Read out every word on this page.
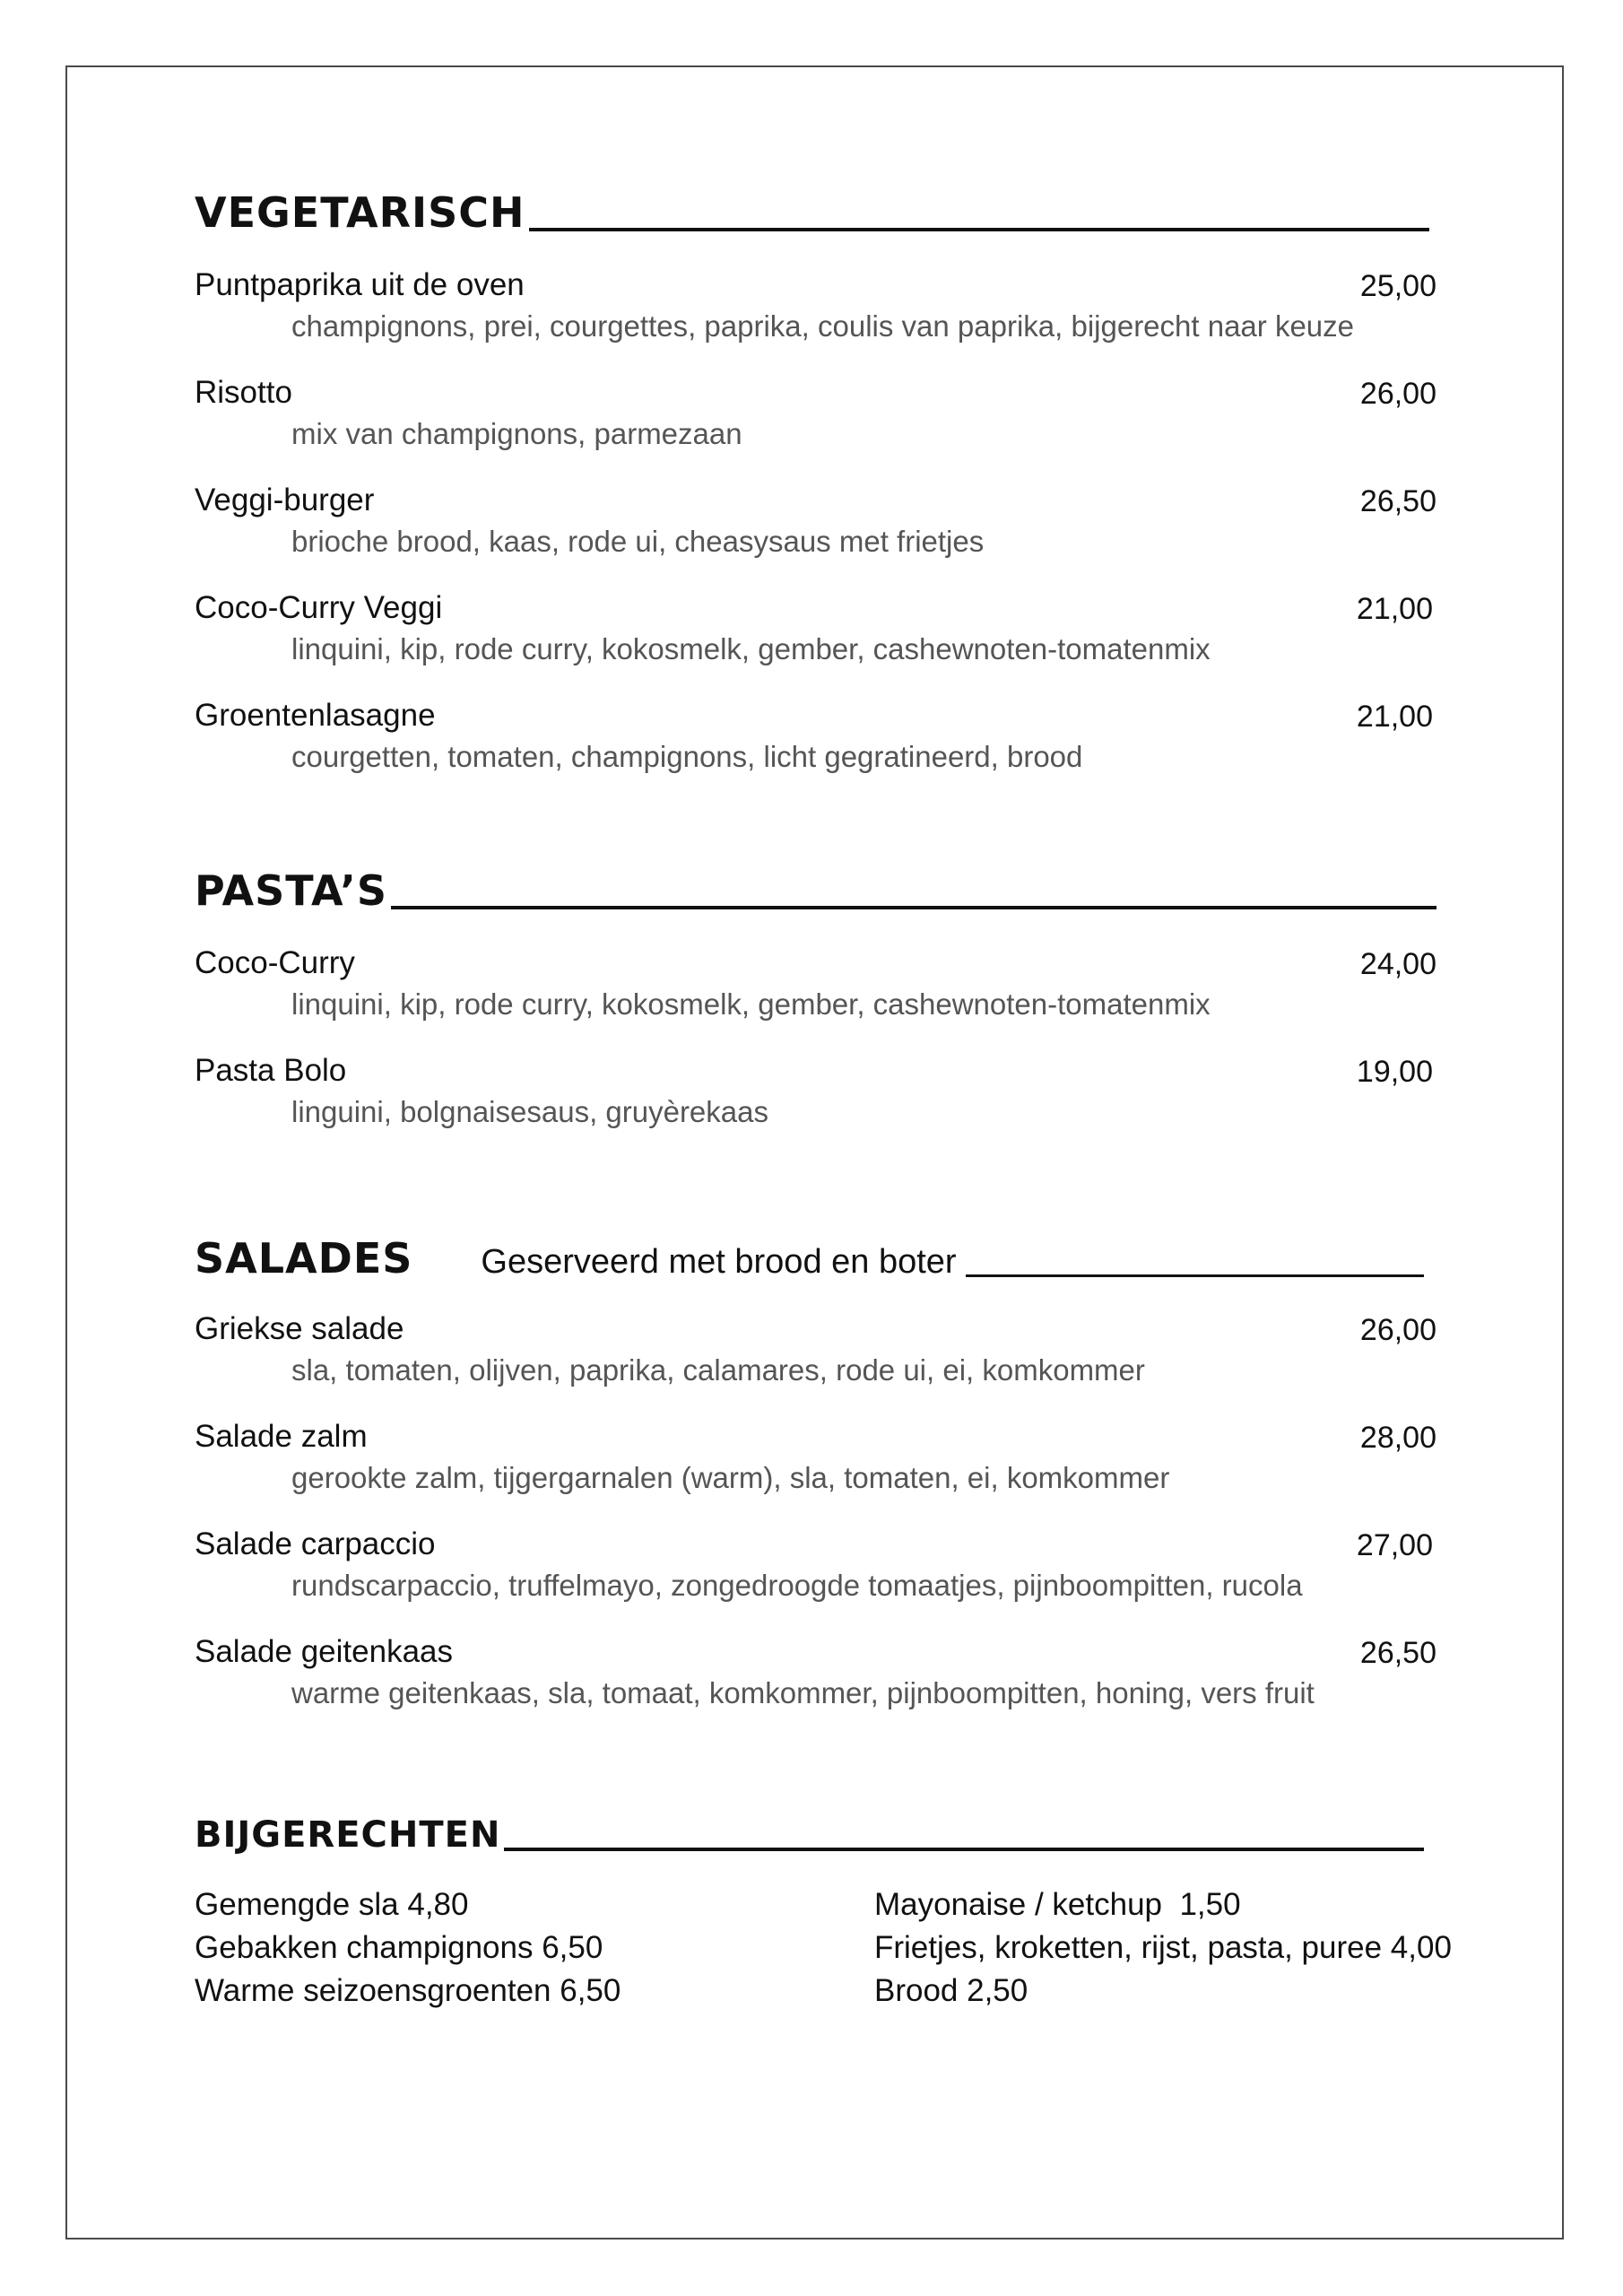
VEGETARISCH
Puntpaprika uit de oven	25,00
champignons, prei, courgettes, paprika, coulis van paprika, bijgerecht naar keuze
Risotto	26,00
mix van champignons, parmezaan
Veggi-burger	26,50
brioche brood, kaas, rode ui, cheasysaus met frietjes
Coco-Curry Veggi	21,00
linquini, kip, rode curry, kokosmelk, gember, cashewnoten-tomatenmix
Groentenlasagne	21,00
courgetten, tomaten, champignons, licht gegratineerd, brood
PASTA’S
Coco-Curry	24,00
linquini, kip, rode curry, kokosmelk, gember, cashewnoten-tomatenmix
Pasta Bolo	19,00
linguini, bolgnaisesaus, gruyèrekaas
SALADES Geserveerd met brood en boter
Griekse salade	26,00
sla, tomaten, olijven, paprika, calamares, rode ui, ei, komkommer
Salade zalm	28,00
gerookte zalm, tijgergarnalen (warm), sla, tomaten, ei, komkommer
Salade carpaccio	27,00
rundscarpaccio, truffelmayo, zongedroogde tomaatjes, pijnboompitten, rucola
Salade geitenkaas	26,50
warme geitenkaas, sla, tomaat, komkommer, pijnboompitten, honing, vers fruit
BIJGERECHTEN
Gemengde sla 4,80
Gebakken champignons 6,50
Warme seizoensgroenten 6,50
Mayonaise / ketchup  1,50
Frietjes, kroketten, rijst, pasta, puree 4,00
Brood 2,50
